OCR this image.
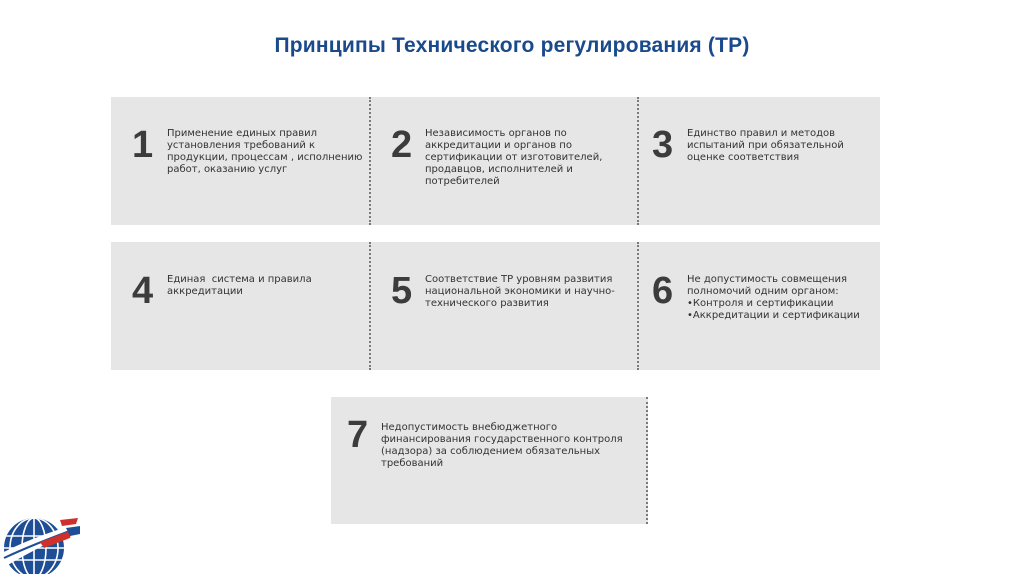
Принципы Технического регулирования (ТР)
1 Применение единых правил
установления требований к
продукции, процессам , исполнению
работ, оказанию услуг
2 Независимость органов по
аккредитации и органов по
сертификации от изготовителей,
продавцов, исполнителей и
потребителей
3 Единство правил и методов
испытаний при обязательной
оценке соответствия
4 Единая  система и правила
аккредитации	5 Соответствие ТР уровням развития
национальной экономики и научно-
технического развития	6 Не допустимость совмещения
полномочий одним органом:
•Контроля и сертификации
•Аккредитации и сертификации
7 Недопустимость внебюджетного
финансирования государственного контроля
(надзора) за соблюдением обязательных
требований
